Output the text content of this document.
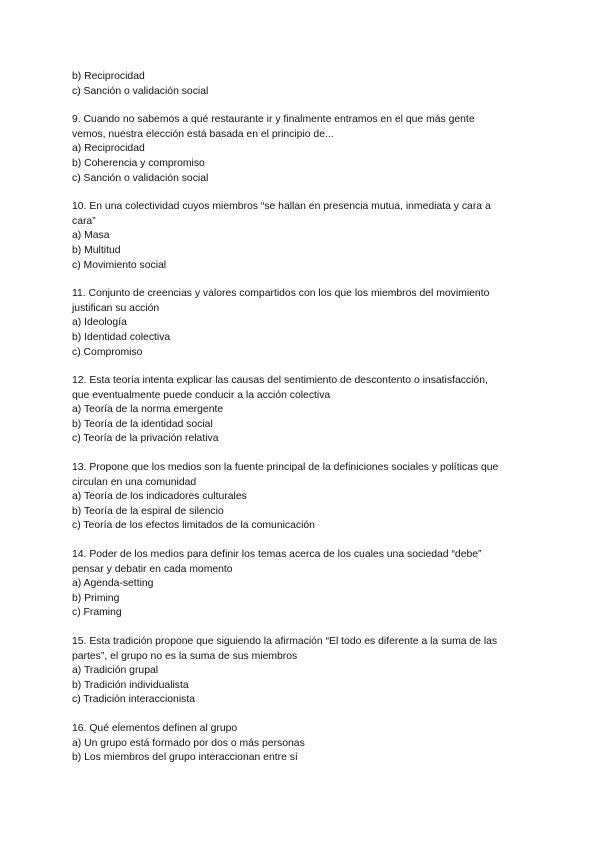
b) Reciprocidad
c) Sanción o validación social
9. Cuando no sabemos a qué restaurante ir y finalmente entramos en el que más gente
vemos, nuestra elección está basada en el principio de...
a) Reciprocidad
b) Coherencia y compromiso
c) Sanción o validación social
10. En una colectividad cuyos miembros “se hallan en presencia mutua, inmediata y cara a
cara”
a) Masa
b) Multitud
c) Movimiento social
11. Conjunto de creencias y valores compartidos con los que los miembros del movimiento
justifican su acción
a) Ideología
b) Identidad colectiva
c) Compromiso
12. Esta teoría intenta explicar las causas del sentimiento de descontento o insatisfacción,
que eventualmente puede conducir a la acción colectiva
a) Teoría de la norma emergente
b) Teoría de la identidad social
c) Teoría de la privación relativa
13. Propone que los medios son la fuente principal de la definiciones sociales y políticas que
circulan en una comunidad
a) Teoría de los indicadores culturales
b) Teoría de la espiral de silencio
c) Teoría de los efectos limitados de la comunicación
14. Poder de los medios para definir los temas acerca de los cuales una sociedad “debe”
pensar y debatir en cada momento
a) Agenda-setting
b) Priming
c) Framing
15. Esta tradición propone que siguiendo la afirmación “El todo es diferente a la suma de las
partes”, el grupo no es la suma de sus miembros
a) Tradición grupal
b) Tradición individualista
c) Tradición interaccionista
16. Qué elementos definen al grupo
a) Un grupo está formado por dos o más personas
b) Los miembros del grupo interaccionan entre sí
